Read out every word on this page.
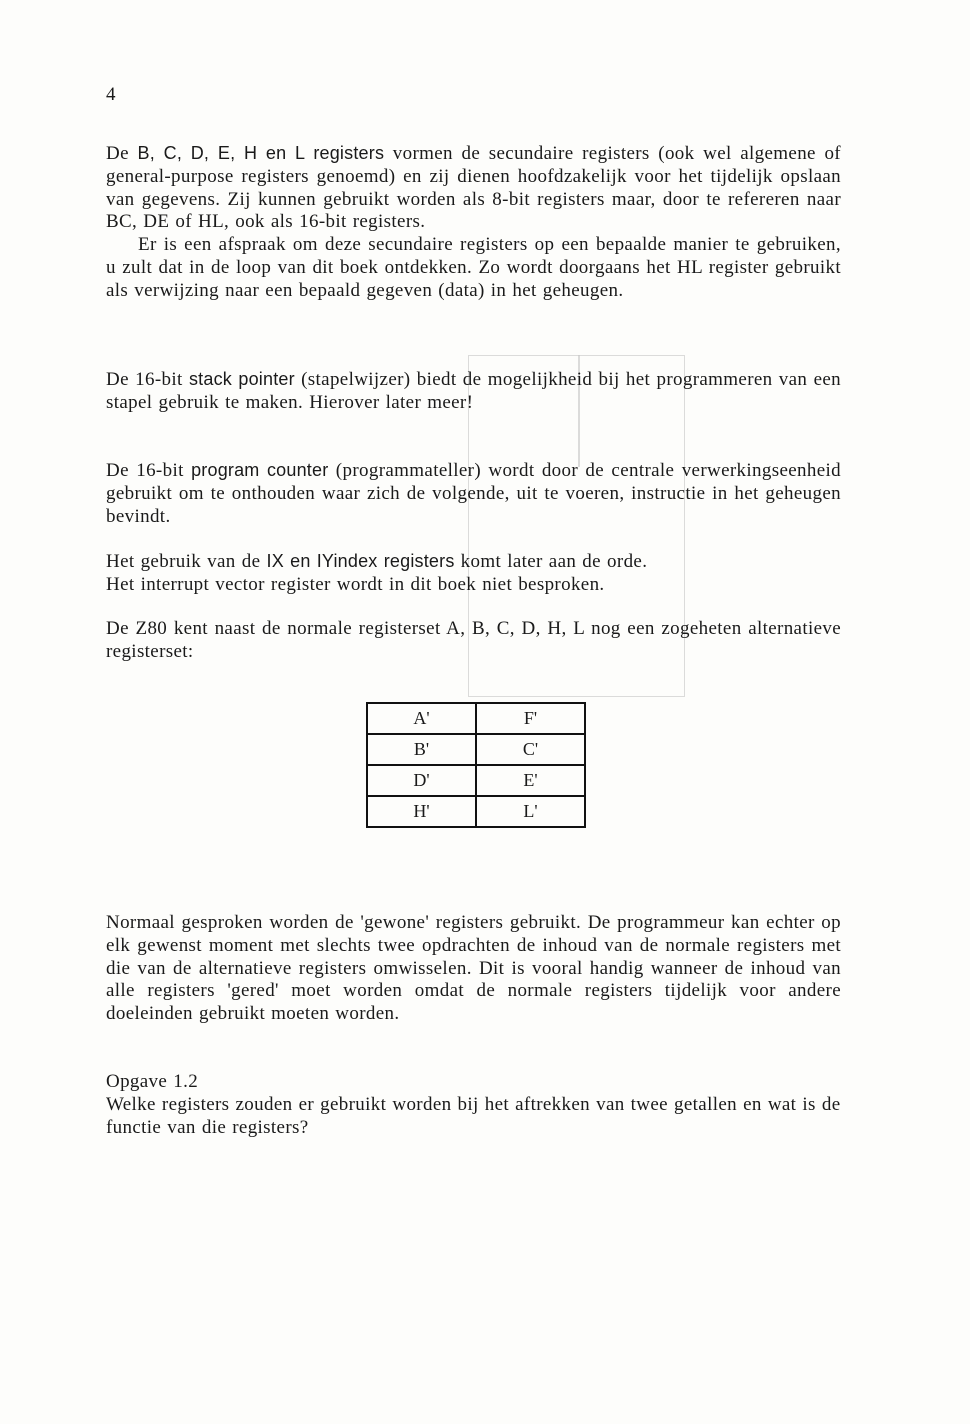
4

De B, C, D, E, H en L registers vormen de secundaire registers (ook wel algemene of general-purpose registers genoemd) en zij dienen hoofdzakelijk voor het tijdelijk opslaan van gegevens. Zij kunnen gebruikt worden als 8-bit registers maar, door te refereren naar BC, DE of HL, ook als 16-bit registers.

Er is een afspraak om deze secundaire registers op een bepaalde manier te gebruiken, u zult dat in de loop van dit boek ontdekken. Zo wordt doorgaans het HL register gebruikt als verwijzing naar een bepaald gegeven (data) in het geheugen.

De 16-bit stack pointer (stapelwijzer) biedt de mogelijkheid bij het programmeren van een stapel gebruik te maken. Hierover later meer!

De 16-bit program counter (programmateller) wordt door de centrale verwerkingseenheid gebruikt om te onthouden waar zich de volgende, uit te voeren, instructie in het geheugen bevindt.

Het gebruik van de IX en IYindex registers komt later aan de orde.
Het interrupt vector register wordt in dit boek niet besproken.

De Z80 kent naast de normale registerset A, B, C, D, H, L nog een zogeheten alternatieve registerset:

A'	F'
B'	C'
D'	E'
H'	L'

Normaal gesproken worden de 'gewone' registers gebruikt. De programmeur kan echter op elk gewenst moment met slechts twee opdrachten de inhoud van de normale registers met die van de alternatieve registers omwisselen. Dit is vooral handig wanneer de inhoud van alle registers 'gered' moet worden omdat de normale registers tijdelijk voor andere doeleinden gebruikt moeten worden.

Opgave 1.2

Welke registers zouden er gebruikt worden bij het aftrekken van twee getallen en wat is de functie van die registers?
